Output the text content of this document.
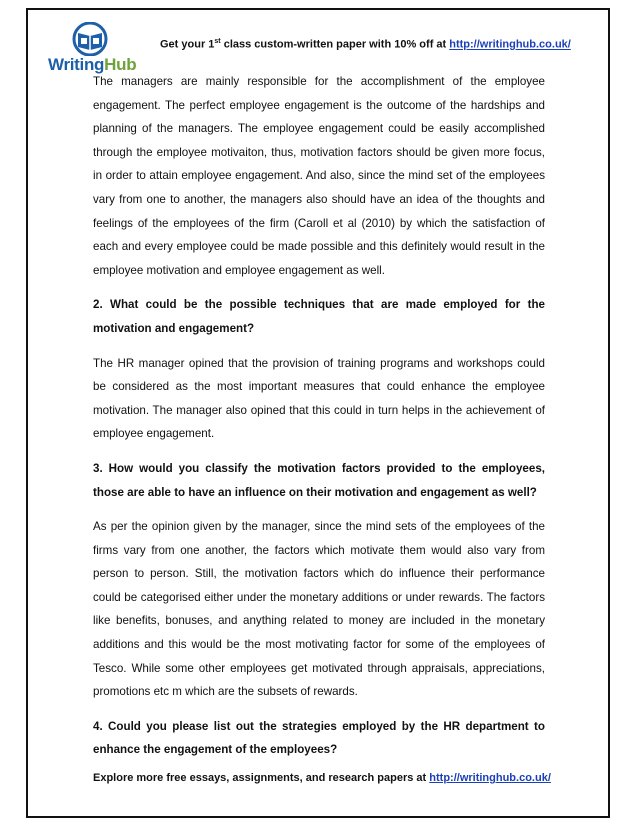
WritingHub
Get your 1st class custom-written paper with 10% off at http://writinghub.co.uk/

The managers are mainly responsible for the accomplishment of the employee engagement. The perfect employee engagement is the outcome of the hardships and planning of the managers. The employee engagement could be easily accomplished through the employee motivaiton, thus, motivation factors should be given more focus, in order to attain employee engagement. And also, since the mind set of the employees vary from one to another, the managers also should have an idea of the thoughts and feelings of the employees of the firm (Caroll et al (2010) by which the satisfaction of each and every employee could be made possible and this definitely would result in the employee motivation and employee engagement as well.

2. What could be the possible techniques that are made employed for the motivation and engagement?

The HR manager opined that the provision of training programs and workshops could be considered as the most important measures that could enhance the employee motivation. The manager also opined that this could in turn helps in the achievement of employee engagement.

3. How would you classify the motivation factors provided to the employees, those are able to have an influence on their motivation and engagement as well?

As per the opinion given by the manager, since the mind sets of the employees of the firms vary from one another, the factors which motivate them would also vary from person to person. Still, the motivation factors which do influence their performance could be categorised either under the monetary additions or under rewards. The factors like benefits, bonuses, and anything related to money are included in the monetary additions and this would be the most motivating factor for some of the employees of Tesco. While some other employees get motivated through appraisals, appreciations, promotions etc m which are the subsets of rewards.

4. Could you please list out the strategies employed by the HR department to enhance the engagement of the employees?

Explore more free essays, assignments, and research papers at http://writinghub.co.uk/
